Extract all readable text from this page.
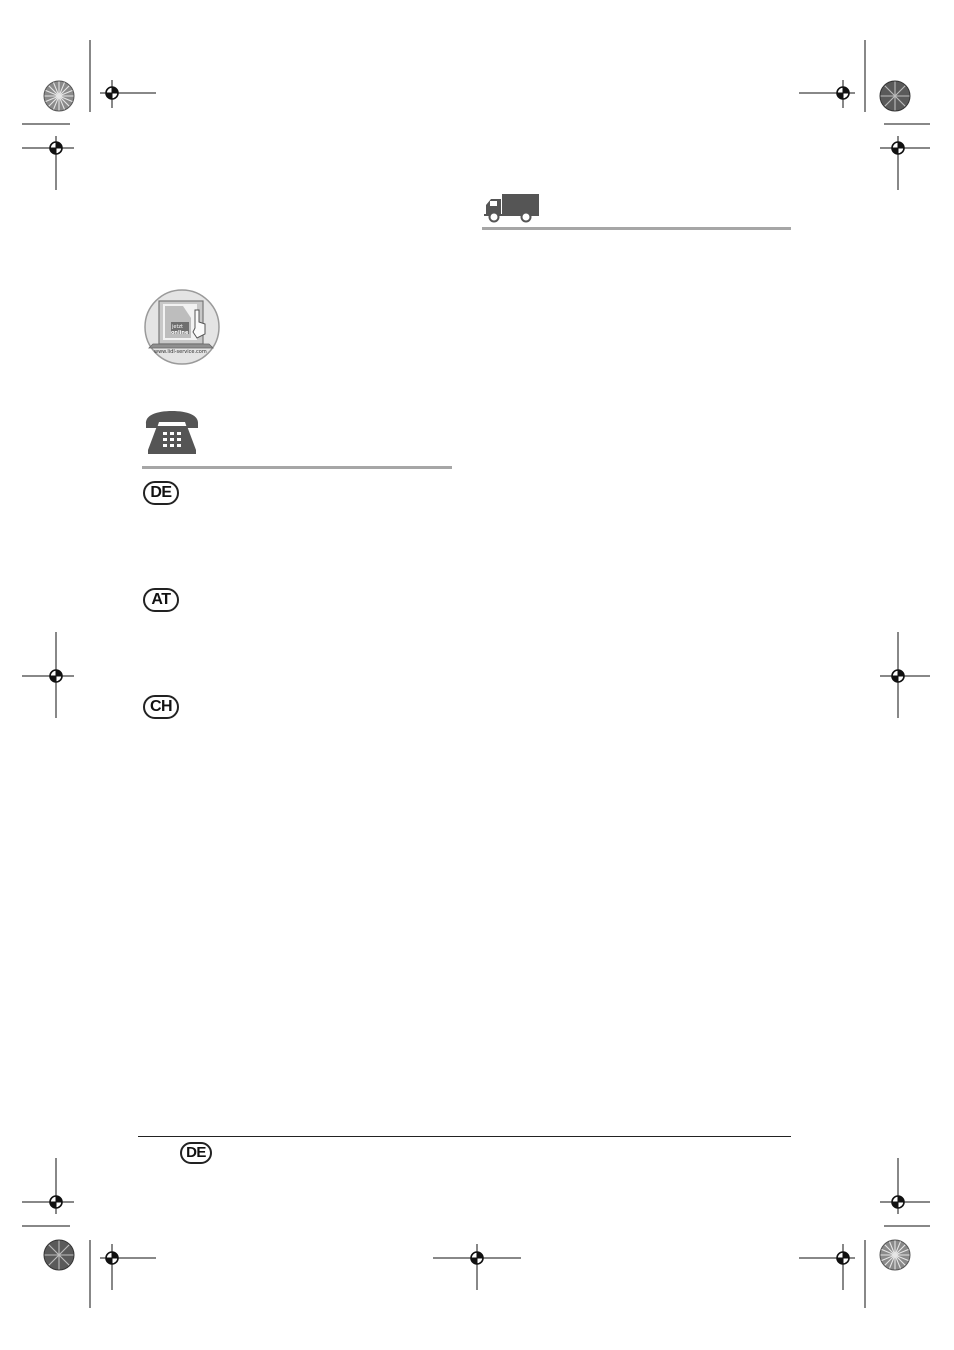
jetzt
online
www.lidl-service.com
DE
AT
CH
DE
